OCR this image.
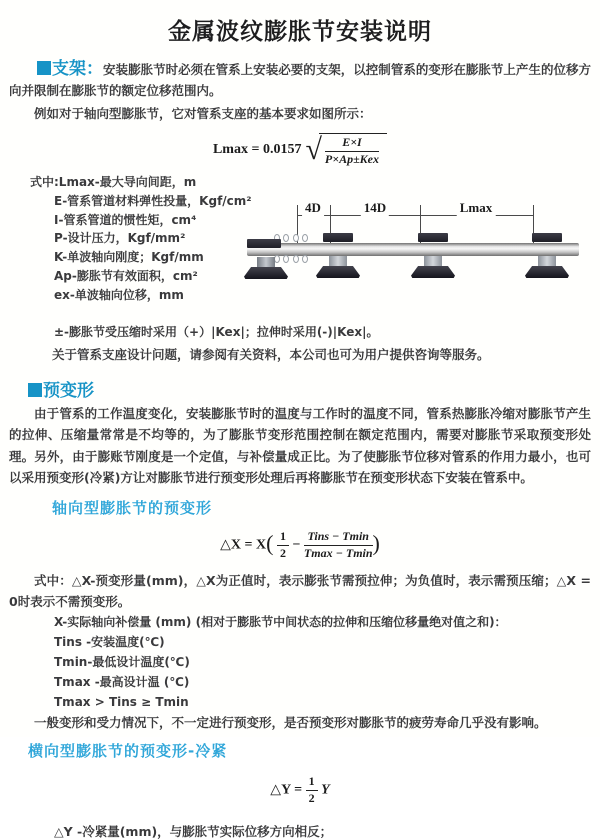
金属波纹膨胀节安装说明

支架：安装膨胀节时必须在管系上安装必要的支架，以控制管系的变形在膨胀节上产生的位移方向并限制在膨胀节的额定位移范围内。

例如对于轴向型膨胀节，它对管系支座的基本要求如图所示：

Lmax = 0.0157 √ $\frac{E\times I}{\text{P×Ap±Kex}}$
式中:Lmax-最大导向间距，m
E-管系管道材料弹性投量，Kgf/cm²
I-管系管道的惯性矩，cm⁴
P-设计压力，Kgf/mm²
K-单波轴向刚度；Kgf/mm
Ap-膨胀节有效面积，cm²
ex-单波轴向位移，mm
4D	14D	Lmax
±-膨胀节受压缩时采用（+）|Kex|；拉伸时采用(-)|Kex|。
关于管系支座设计问题，请参阅有关资料，本公司也可为用户提供咨询等服务。
预变形

由于管系的工作温度变化，安装膨胀节时的温度与工作时的温度不同，管系热膨胀冷缩对膨胀节产生的拉伸、压缩量常常是不均等的，为了膨胀节变形范围控制在额定范围内，需要对膨胀节采取预变形处理。另外，由于膨账节刚度是一个定值，与补偿量成正比。为了使膨胀节位移对管系的作用力最小，也可以采用预变形(冷紧)方让对膨胀节进行预变形处理后再将膨胀节在预变形状态下安装在管系中。

轴向型膨胀节的预变形
△X = $X( \frac{1}{2} - \frac{\text{Tins − Tmin}}{Tmax - Tmin}$ )

式中：△X-预变形量(mm)，△X为正值时，表示膨张节需预拉伸；为负值时，表示需预压缩；△X = 0时表示不需预变形。

X-实际轴向补偿量 (mm) (相对于膨胀节中间状态的拉伸和压缩位移量绝对值之和)：
Tins -安装温度(℃)
Tmin-最低设计温度(℃)
Tmax -最高设计温 (℃)
Tmax > Tins ≥ Tmin

一般变形和受力情况下，不一定进行预变形，是否预变形对膨胀节的疲劳寿命几乎没有影响。

横向型膨胀节的预变形-冷紧
△Y = $\frac{1}{2}$ Y
△Y -冷紧量(mm)，与膨胀节实际位移方向相反；
